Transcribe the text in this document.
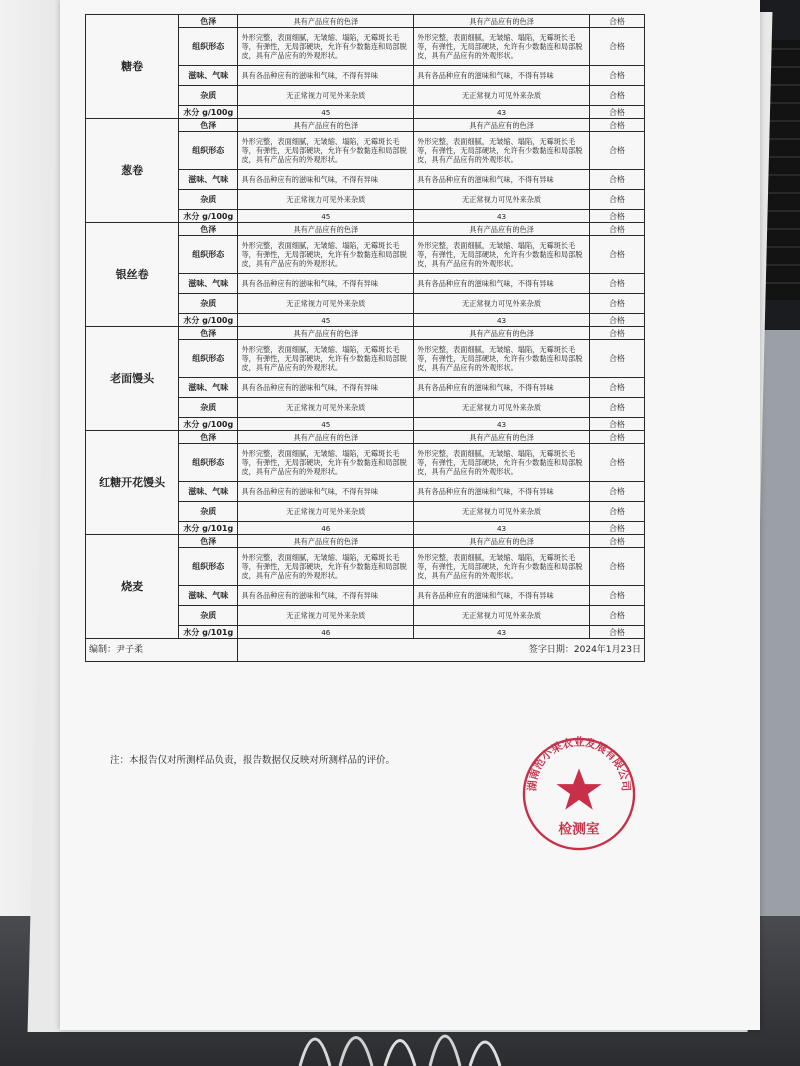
糖卷	色泽	具有产品应有的色泽	具有产品应有的色泽	合格
	组织形态	外形完整，表面细腻，无皱缩、塌陷，无霉斑长毛等，有弹性，无局部硬块，允许有少数黏连和局部脱皮，具有产品应有的外观形状。	外形完整，表面细腻，无皱缩、塌陷，无霉斑长毛等，有弹性，无局部硬块，允许有少数黏连和局部脱皮，具有产品应有的外观形状。	合格
	滋味、气味	具有各品种应有的滋味和气味，不得有异味	具有各品种应有的滋味和气味，不得有异味	合格
	杂质	无正常视力可见外来杂质	无正常视力可见外来杂质	合格
	水分 g/100g	45	43	合格
葱卷	色泽	具有产品应有的色泽	具有产品应有的色泽	合格
	组织形态	外形完整，表面细腻，无皱缩、塌陷，无霉斑长毛等，有弹性，无局部硬块，允许有少数黏连和局部脱皮，具有产品应有的外观形状。	外形完整，表面细腻，无皱缩、塌陷，无霉斑长毛等，有弹性，无局部硬块，允许有少数黏连和局部脱皮，具有产品应有的外观形状。	合格
	滋味、气味	具有各品种应有的滋味和气味，不得有异味	具有各品种应有的滋味和气味，不得有异味	合格
	杂质	无正常视力可见外来杂质	无正常视力可见外来杂质	合格
	水分 g/100g	45	43	合格
银丝卷	色泽	具有产品应有的色泽	具有产品应有的色泽	合格
	组织形态	外形完整，表面细腻，无皱缩、塌陷，无霉斑长毛等，有弹性，无局部硬块，允许有少数黏连和局部脱皮，具有产品应有的外观形状。	外形完整，表面细腻，无皱缩、塌陷，无霉斑长毛等，有弹性，无局部硬块，允许有少数黏连和局部脱皮，具有产品应有的外观形状。	合格
	滋味、气味	具有各品种应有的滋味和气味，不得有异味	具有各品种应有的滋味和气味，不得有异味	合格
	杂质	无正常视力可见外来杂质	无正常视力可见外来杂质	合格
	水分 g/100g	45	43	合格
老面馒头	色泽	具有产品应有的色泽	具有产品应有的色泽	合格
	组织形态	外形完整，表面细腻，无皱缩、塌陷，无霉斑长毛等，有弹性，无局部硬块，允许有少数黏连和局部脱皮，具有产品应有的外观形状。	外形完整，表面细腻，无皱缩、塌陷，无霉斑长毛等，有弹性，无局部硬块，允许有少数黏连和局部脱皮，具有产品应有的外观形状。	合格
	滋味、气味	具有各品种应有的滋味和气味，不得有异味	具有各品种应有的滋味和气味，不得有异味	合格
	杂质	无正常视力可见外来杂质	无正常视力可见外来杂质	合格
	水分 g/100g	45	43	合格
红糖开花馒头	色泽	具有产品应有的色泽	具有产品应有的色泽	合格
	组织形态	外形完整，表面细腻，无皱缩、塌陷，无霉斑长毛等，有弹性，无局部硬块，允许有少数黏连和局部脱皮，具有产品应有的外观形状。	外形完整，表面细腻，无皱缩、塌陷，无霉斑长毛等，有弹性，无局部硬块，允许有少数黏连和局部脱皮，具有产品应有的外观形状。	合格
	滋味、气味	具有各品种应有的滋味和气味，不得有异味	具有各品种应有的滋味和气味，不得有异味	合格
	杂质	无正常视力可见外来杂质	无正常视力可见外来杂质	合格
	水分 g/101g	46	43	合格
烧麦	色泽	具有产品应有的色泽	具有产品应有的色泽	合格
	组织形态	外形完整，表面细腻，无皱缩、塌陷，无霉斑长毛等，有弹性，无局部硬块，允许有少数黏连和局部脱皮，具有产品应有的外观形状。	外形完整，表面细腻，无皱缩、塌陷，无霉斑长毛等，有弹性，无局部硬块，允许有少数黏连和局部脱皮，具有产品应有的外观形状。	合格
	滋味、气味	具有各品种应有的滋味和气味，不得有异味	具有各品种应有的滋味和气味，不得有异味	合格
	杂质	无正常视力可见外来杂质	无正常视力可见外来杂质	合格
	水分 g/101g	46	43	合格
编制：尹子柔		签字日期：2024年1月23日		
注：本报告仅对所测样品负责，报告数据仅反映对所测样品的评价。
湖南范小果农业发展有限公司
检测室
